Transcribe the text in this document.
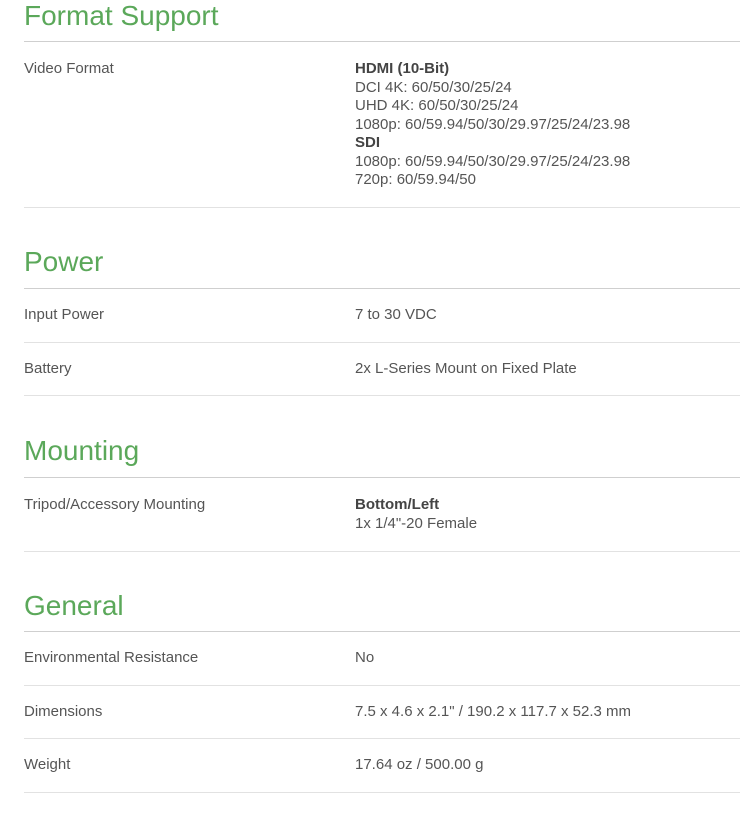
Format Support
Video Format	HDMI (10-Bit)
DCI 4K: 60/50/30/25/24
UHD 4K: 60/50/30/25/24
1080p: 60/59.94/50/30/29.97/25/24/23.98
SDI
1080p: 60/59.94/50/30/29.97/25/24/23.98
720p: 60/59.94/50
Power
Input Power	7 to 30 VDC
Battery	2x L-Series Mount on Fixed Plate
Mounting
Tripod/Accessory Mounting	Bottom/Left
1x 1/4"-20 Female
General
Environmental Resistance	No
Dimensions	7.5 x 4.6 x 2.1" / 190.2 x 117.7 x 52.3 mm
Weight	17.64 oz / 500.00 g
